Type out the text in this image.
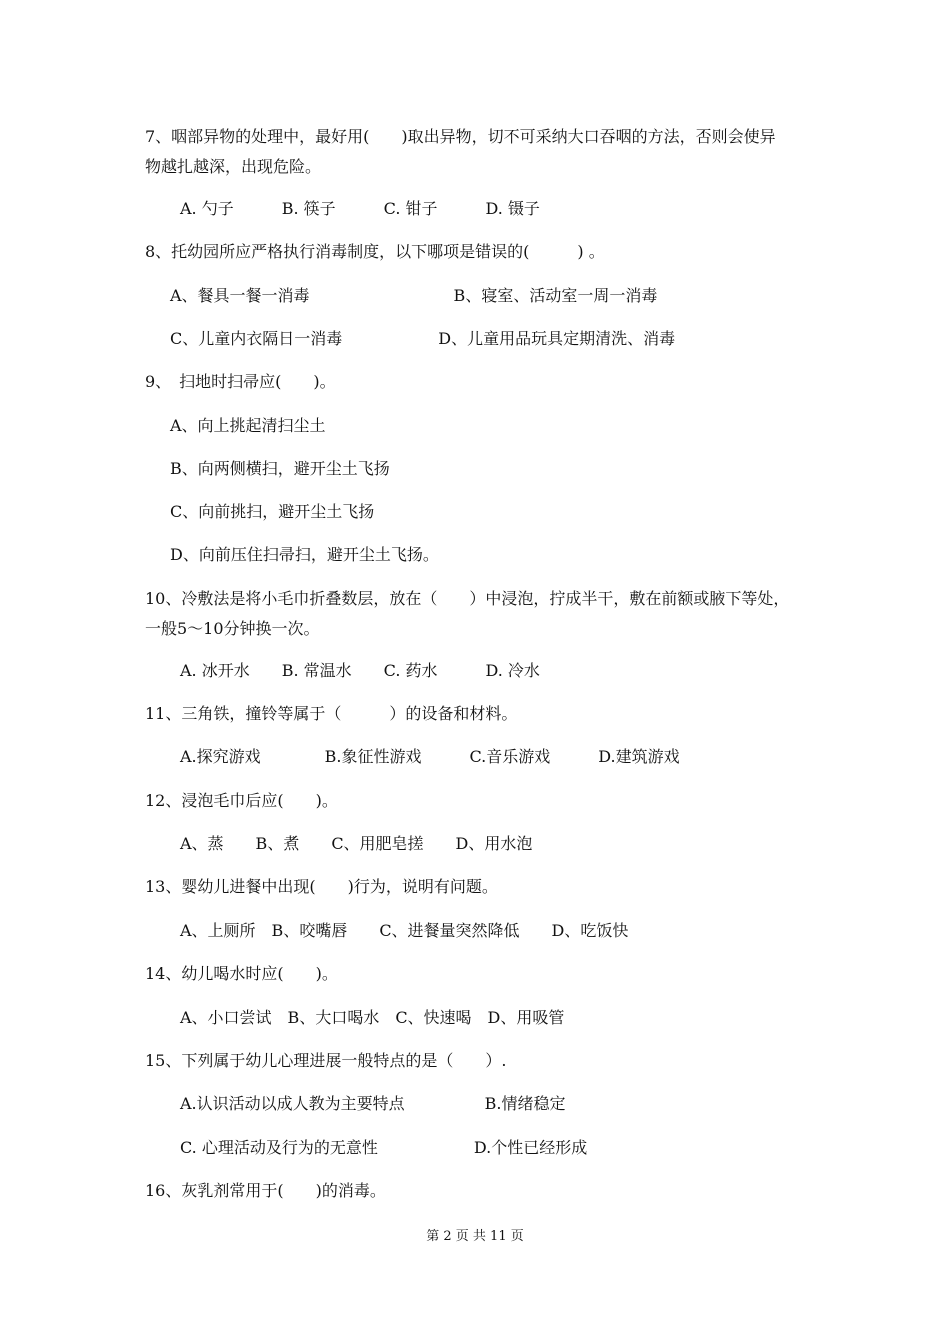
7、咽部异物的处理中，最好用(　　)取出异物，切不可采纳大口吞咽的方法，否则会使异

物越扎越深，出现危险。

A. 勺子　　　B. 筷子　　　C. 钳子　　　D. 镊子

8、托幼园所应严格执行消毒制度，以下哪项是错误的(　　　) 。

A、餐具一餐一消毒　　　　　　　　　B、寝室、活动室一周一消毒

C、儿童内衣隔日一消毒　　　　　　D、儿童用品玩具定期清洗、消毒

9、　扫地时扫帚应(　　)。

A、向上挑起清扫尘土

B、向两侧横扫，避开尘土飞扬

C、向前挑扫，避开尘土飞扬

D、向前压住扫帚扫，避开尘土飞扬。

10、冷敷法是将小毛巾折叠数层，放在（　　）中浸泡，拧成半干，敷在前额或腋下等处，

一般5～10分钟换一次。

A. 冰开水　　B. 常温水　　C. 药水　　　D. 冷水

11、三角铁，撞铃等属于（　　　）的设备和材料。

A.探究游戏　　　　B.象征性游戏　　　C.音乐游戏　　　D.建筑游戏

12、浸泡毛巾后应(　　)。

A、蒸　　B、煮　　C、用肥皂搓　　D、用水泡

13、婴幼儿进餐中出现(　　)行为，说明有问题。

A、上厕所　B、咬嘴唇　　C、进餐量突然降低　　D、吃饭快

14、幼儿喝水时应(　　)。

A、小口尝试　B、大口喝水　C、快速喝　D、用吸管

15、下列属于幼儿心理进展一般特点的是（　　）.

A.认识活动以成人教为主要特点　　　　　B.情绪稳定

C. 心理活动及行为的无意性　　　　　　D.个性已经形成

16、灰乳剂常用于(　　)的消毒。

第 2 页 共 11 页
